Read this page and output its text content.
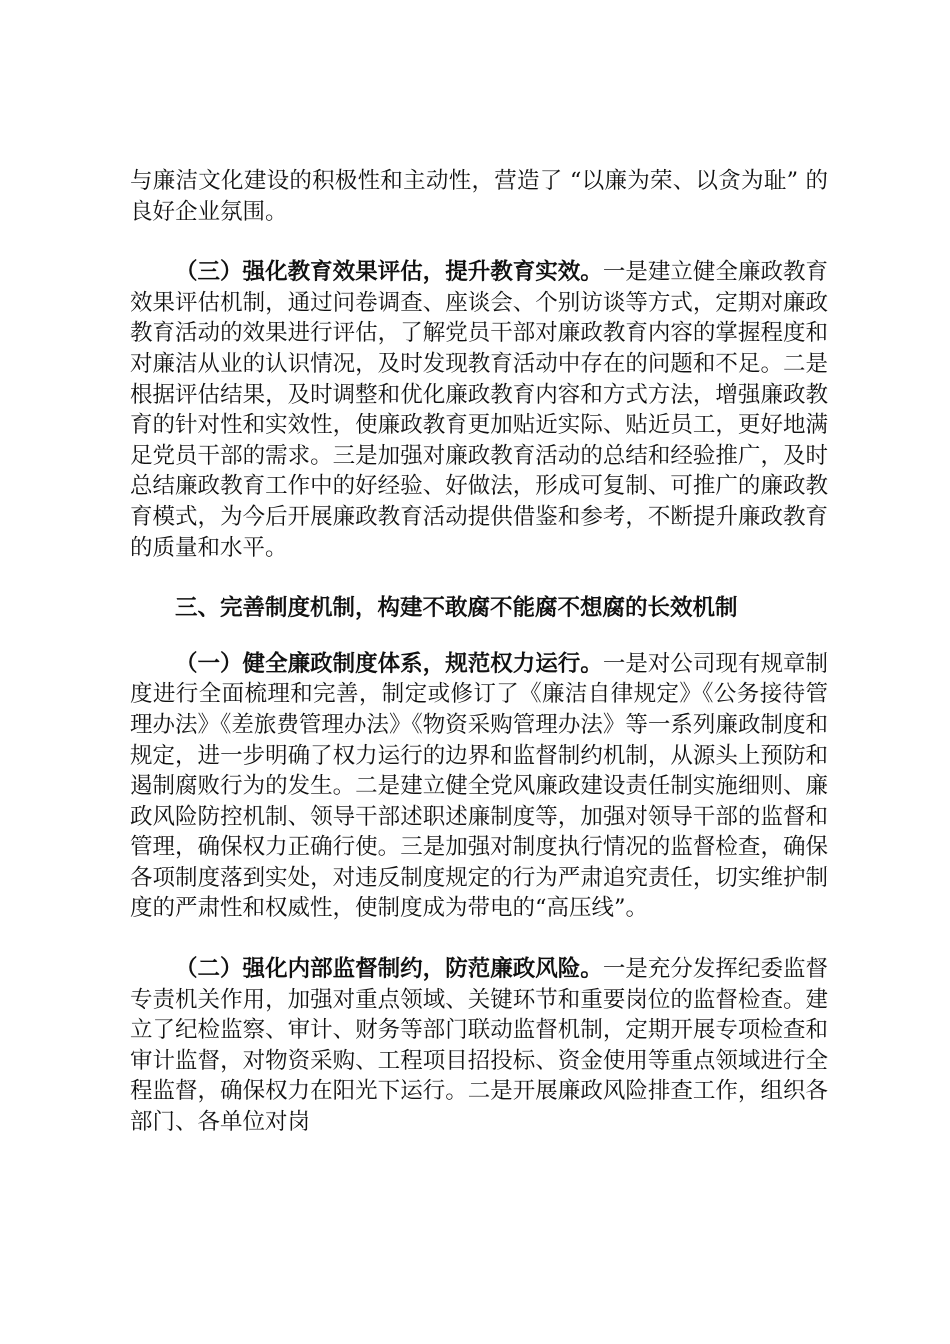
与廉洁文化建设的积极性和主动性，营造了 “以廉为荣、以贪为耻” 的良好企业氛围。

（三）强化教育效果评估，提升教育实效。一是建立健全廉政教育效果评估机制，通过问卷调查、座谈会、个别访谈等方式，定期对廉政教育活动的效果进行评估，了解党员干部对廉政教育内容的掌握程度和对廉洁从业的认识情况，及时发现教育活动中存在的问题和不足。二是根据评估结果，及时调整和优化廉政教育内容和方式方法，增强廉政教育的针对性和实效性，使廉政教育更加贴近实际、贴近员工，更好地满足党员干部的需求。三是加强对廉政教育活动的总结和经验推广，及时总结廉政教育工作中的好经验、好做法，形成可复制、可推广的廉政教育模式，为今后开展廉政教育活动提供借鉴和参考，不断提升廉政教育的质量和水平。

三、完善制度机制，构建不敢腐不能腐不想腐的长效机制

（一）健全廉政制度体系，规范权力运行。一是对公司现有规章制度进行全面梳理和完善，制定或修订了《廉洁自律规定》《公务接待管理办法》《差旅费管理办法》《物资采购管理办法》等一系列廉政制度和规定，进一步明确了权力运行的边界和监督制约机制，从源头上预防和遏制腐败行为的发生。二是建立健全党风廉政建设责任制实施细则、廉政风险防控机制、领导干部述职述廉制度等，加强对领导干部的监督和管理，确保权力正确行使。三是加强对制度执行情况的监督检查，确保各项制度落到实处，对违反制度规定的行为严肃追究责任，切实维护制度的严肃性和权威性，使制度成为带电的“高压线”。

（二）强化内部监督制约，防范廉政风险。一是充分发挥纪委监督专责机关作用，加强对重点领域、关键环节和重要岗位的监督检查。建立了纪检监察、审计、财务等部门联动监督机制，定期开展专项检查和审计监督，对物资采购、工程项目招投标、资金使用等重点领域进行全程监督，确保权力在阳光下运行。二是开展廉政风险排查工作，组织各部门、各单位对岗
